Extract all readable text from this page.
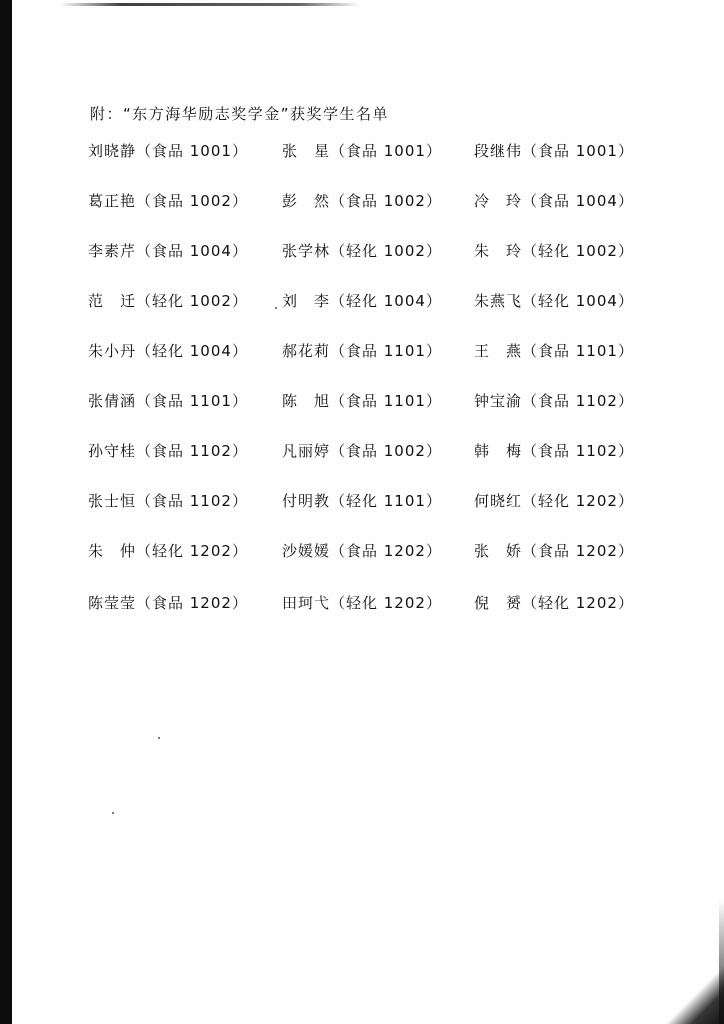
附：“东方海华励志奖学金”获奖学生名单
刘晓静（食品 1001） 张　星（食品 1001） 段继伟（食品 1001）
葛正艳（食品 1002） 彭　然（食品 1002） 冷　玲（食品 1004）
李素芹（食品 1004） 张学林（轻化 1002） 朱　玲（轻化 1002）
范　迁（轻化 1002） 刘　李（轻化 1004） 朱燕飞（轻化 1004）
朱小丹（轻化 1004） 郝花莉（食品 1101） 王　燕（食品 1101）
张倩涵（食品 1101） 陈　旭（食品 1101） 钟宝渝（食品 1102）
孙守桂（食品 1102） 凡丽婷（食品 1002） 韩　梅（食品 1102）
张士恒（食品 1102） 付明教（轻化 1101） 何晓红（轻化 1202）
朱　仲（轻化 1202） 沙媛媛（食品 1202） 张　娇（食品 1202）
陈莹莹（食品 1202） 田珂弋（轻化 1202） 倪　赟（轻化 1202）
